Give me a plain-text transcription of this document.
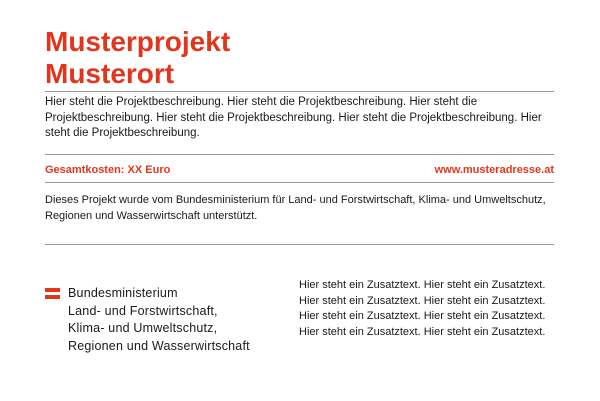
Musterprojekt
Musterort

Hier steht die Projektbeschreibung. Hier steht die Projektbeschreibung. Hier steht die Projektbeschreibung. Hier steht die Projektbeschreibung. Hier steht die Projektbeschreibung. Hier steht die Projektbeschreibung.

Gesamtkosten: XX Euro	www.musteradresse.at

Dieses Projekt wurde vom Bundesministerium für Land- und Forstwirtschaft, Klima- und Umweltschutz, Regionen und Wasserwirtschaft unterstützt.

Bundesministerium
Land- und Forstwirtschaft,
Klima- und Umweltschutz,
Regionen und Wasserwirtschaft

Hier steht ein Zusatztext. Hier steht ein Zusatztext. Hier steht ein Zusatztext. Hier steht ein Zusatztext. Hier steht ein Zusatztext. Hier steht ein Zusatztext. Hier steht ein Zusatztext. Hier steht ein Zusatztext.
